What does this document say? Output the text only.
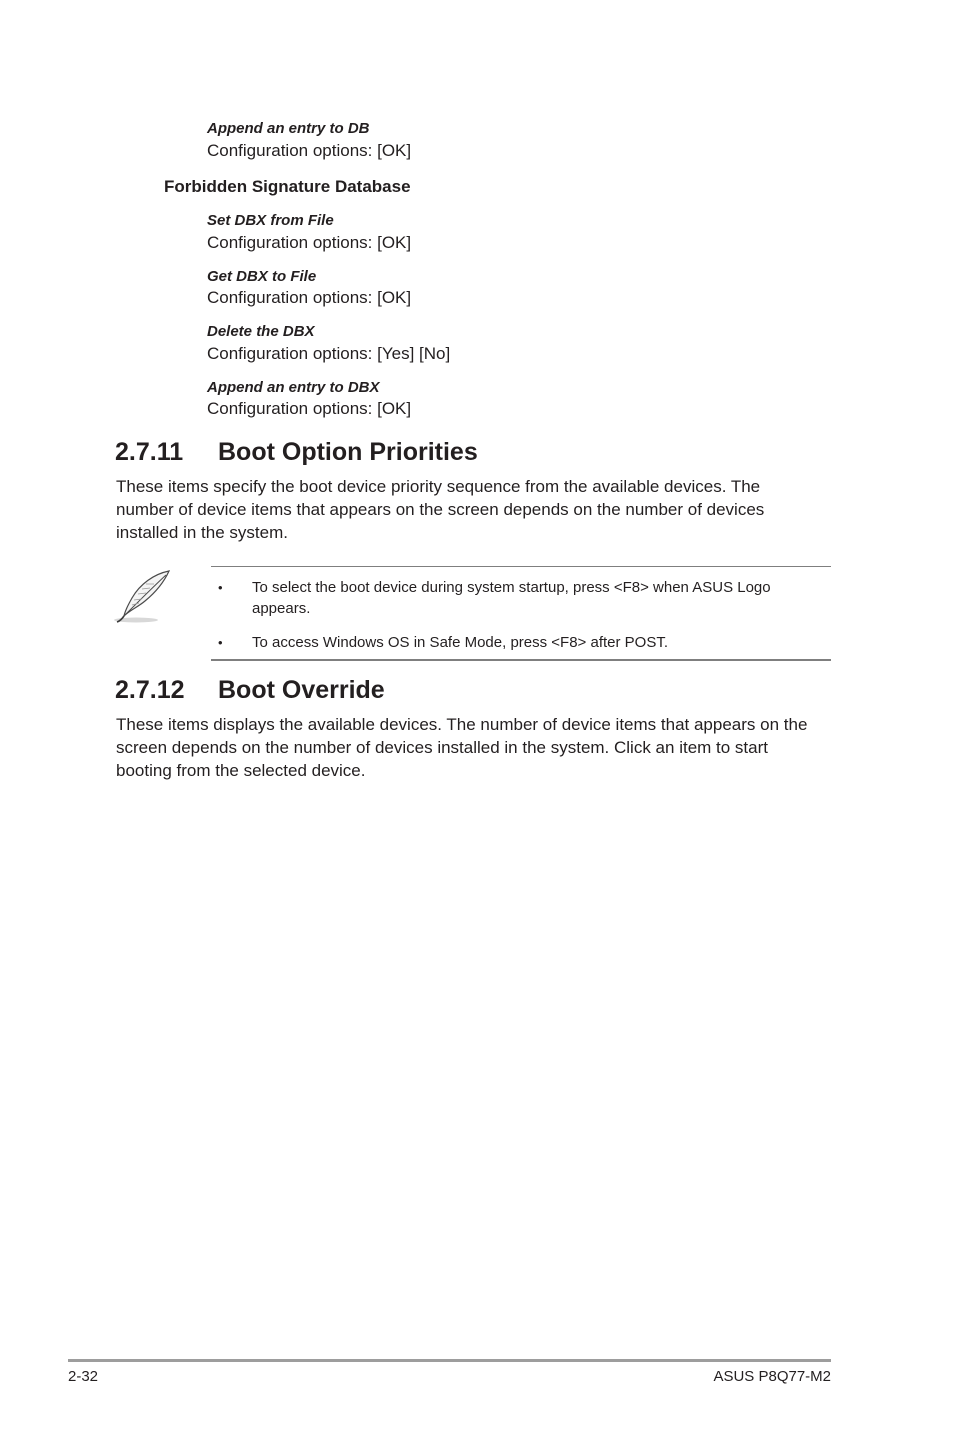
Append an entry to DB
Configuration options: [OK]
Forbidden Signature Database
Set DBX from File
Configuration options: [OK]
Get DBX to File
Configuration options: [OK]
Delete the DBX
Configuration options: [Yes] [No]
Append an entry to DBX
Configuration options: [OK]
2.7.11 Boot Option Priorities
These items specify the boot device priority sequence from the available devices. The number of device items that appears on the screen depends on the number of devices installed in the system.
• To select the boot device during system startup, press <F8> when ASUS Logo appears.
• To access Windows OS in Safe Mode, press <F8> after POST.
2.7.12 Boot Override
These items displays the available devices. The number of device items that appears on the screen depends on the number of devices installed in the system. Click an item to start booting from the selected device.
2-32	ASUS P8Q77-M2
